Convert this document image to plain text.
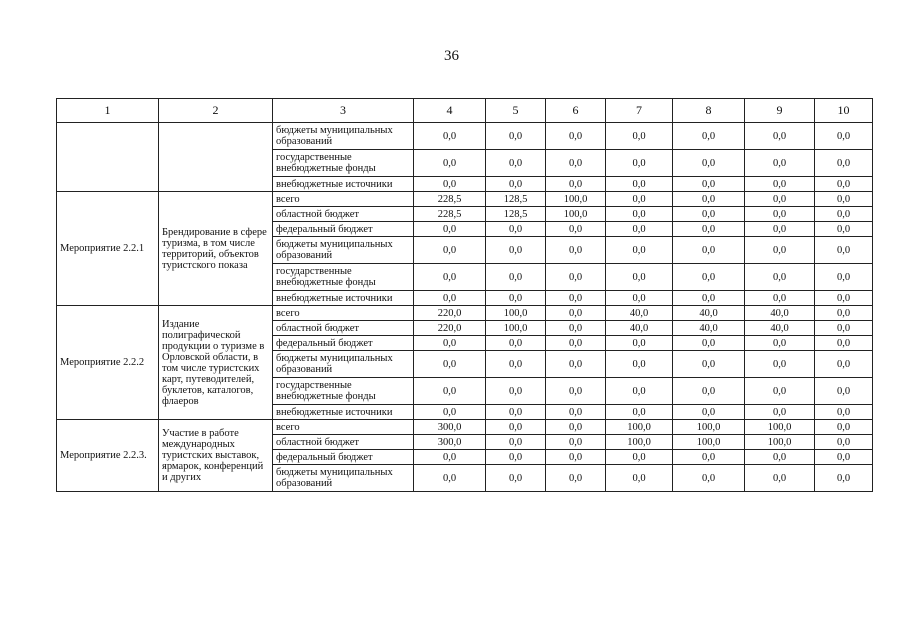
36
1	2	3	4	5	6	7	8	9	10
		бюджеты муниципальных образований	0,0	0,0	0,0	0,0	0,0	0,0	0,0
		государственные внебюджетные фонды	0,0	0,0	0,0	0,0	0,0	0,0	0,0
		внебюджетные источники	0,0	0,0	0,0	0,0	0,0	0,0	0,0
Мероприятие 2.2.1	Брендирование в сфере туризма, в том числе территорий, объектов туристского показа	всего	228,5	128,5	100,0	0,0	0,0	0,0	0,0
		областной бюджет	228,5	128,5	100,0	0,0	0,0	0,0	0,0
		федеральный бюджет	0,0	0,0	0,0	0,0	0,0	0,0	0,0
		бюджеты муниципальных образований	0,0	0,0	0,0	0,0	0,0	0,0	0,0
		государственные внебюджетные фонды	0,0	0,0	0,0	0,0	0,0	0,0	0,0
		внебюджетные источники	0,0	0,0	0,0	0,0	0,0	0,0	0,0
Мероприятие 2.2.2	Издание полиграфической продукции о туризме в Орловской области, в том числе туристских карт, путеводителей, буклетов, каталогов, флаеров	всего	220,0	100,0	0,0	40,0	40,0	40,0	0,0
		областной бюджет	220,0	100,0	0,0	40,0	40,0	40,0	0,0
		федеральный бюджет	0,0	0,0	0,0	0,0	0,0	0,0	0,0
		бюджеты муниципальных образований	0,0	0,0	0,0	0,0	0,0	0,0	0,0
		государственные внебюджетные фонды	0,0	0,0	0,0	0,0	0,0	0,0	0,0
		внебюджетные источники	0,0	0,0	0,0	0,0	0,0	0,0	0,0
Мероприятие 2.2.3.	Участие в работе международных туристских выставок, ярмарок, конференций и других	всего	300,0	0,0	0,0	100,0	100,0	100,0	0,0
		областной бюджет	300,0	0,0	0,0	100,0	100,0	100,0	0,0
		федеральный бюджет	0,0	0,0	0,0	0,0	0,0	0,0	0,0
		бюджеты муниципальных образований	0,0	0,0	0,0	0,0	0,0	0,0	0,0
